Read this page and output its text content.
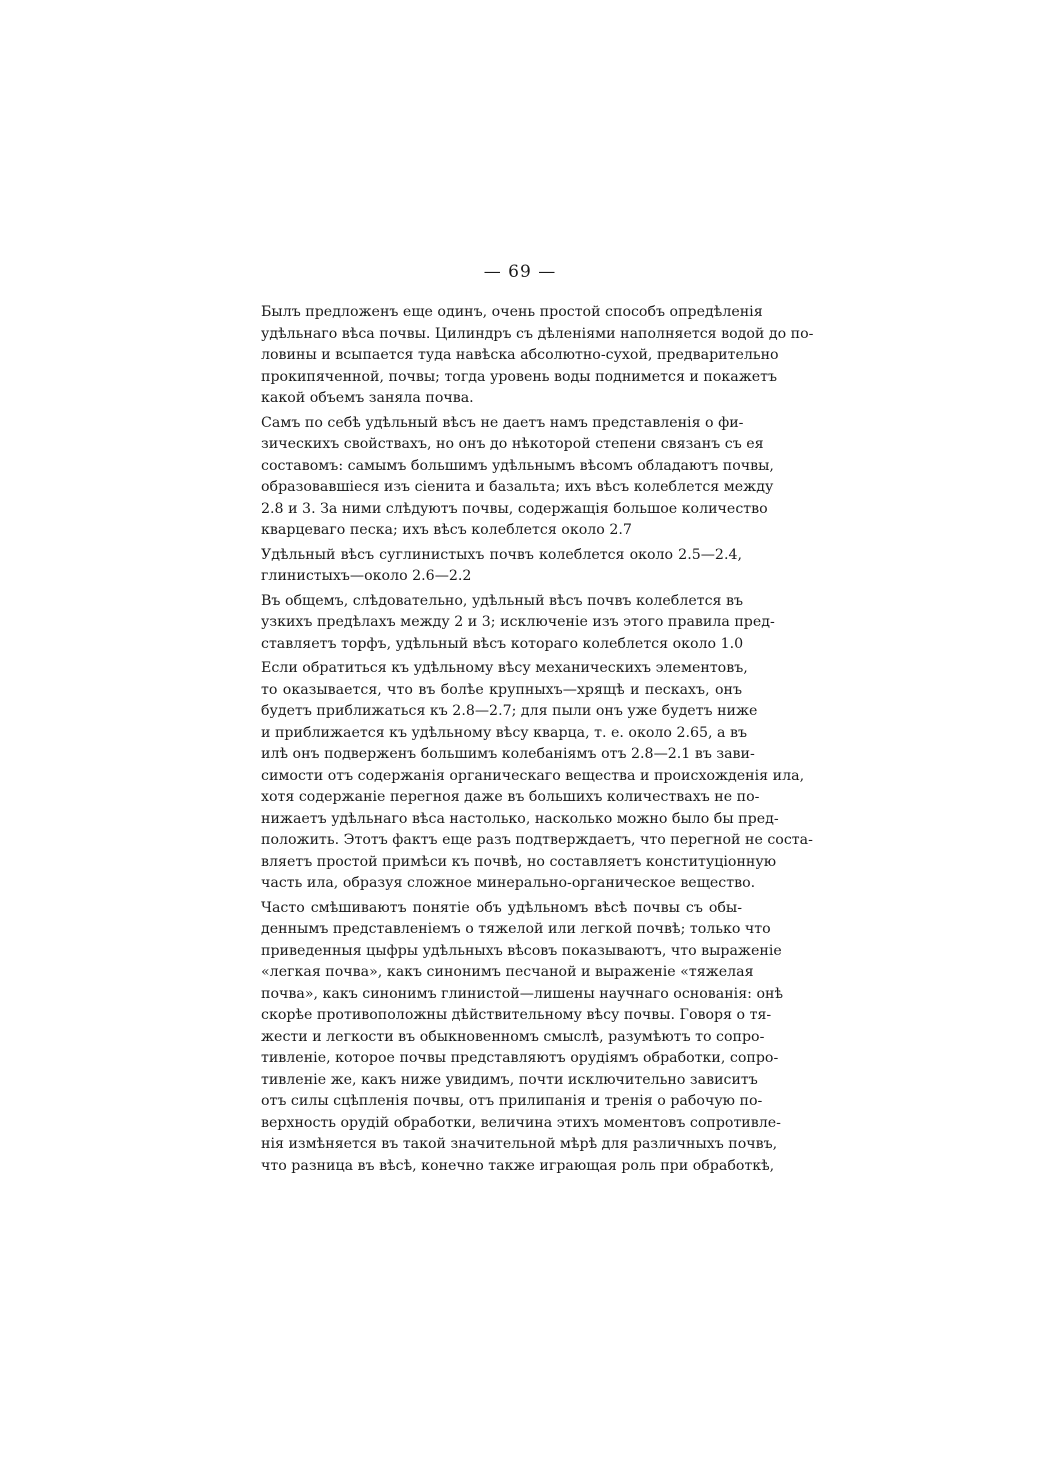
— 69 —
Былъ предложенъ еще одинъ, очень простой способъ опредѣленія
удѣльнаго вѣса почвы. Цилиндръ съ дѣленіями наполняется водой до по-
ловины и всыпается туда навѣска абсолютно-сухой, предварительно
прокипяченной, почвы; тогда уровень воды поднимется и покажетъ
какой объемъ заняла почва.
Самъ по себѣ удѣльный вѣсъ не даетъ намъ представленія о фи-
зическихъ свойствахъ, но онъ до нѣкоторой степени связанъ съ ея
составомъ: самымъ большимъ удѣльнымъ вѣсомъ обладаютъ почвы,
образовавшiеся изъ сіенита и базальта; ихъ вѣсъ колеблется между
2.8 и 3. За ними слѣдуютъ почвы, содержащія большое количество
кварцеваго песка; ихъ вѣсъ колеблется около 2.7
Удѣльный вѣсъ суглинистыхъ почвъ колеблется около 2.5—2.4,
глинистыхъ—около 2.6—2.2
Въ общемъ, слѣдовательно, удѣльный вѣсъ почвъ колеблется въ
узкихъ предѣлахъ между 2 и 3; исключеніе изъ этого правила пред-
ставляетъ торфъ, удѣльный вѣсъ котораго колеблется около 1.0
Если обратиться къ удѣльному вѣсу механическихъ элементовъ,
то оказывается, что въ болѣе крупныхъ—хрящѣ и пескахъ, онъ
будетъ приближаться къ 2.8—2.7; для пыли онъ уже будетъ ниже
и приближается къ удѣльному вѣсу кварца, т. е. около 2.65, а въ
илѣ онъ подверженъ большимъ колебаніямъ отъ 2.8—2.1 въ зави-
симости отъ содержанія органическаго вещества и происхожденія ила,
хотя содержаніе перегноя даже въ большихъ количествахъ не по-
нижаетъ удѣльнаго вѣса настолько, насколько можно было бы пред-
положить. Этотъ фактъ еще разъ подтверждаетъ, что перегной не соста-
вляетъ простой примѣси къ почвѣ, но составляетъ конституціонную
часть ила, образуя сложное минерально-органическое вещество.
Часто смѣшиваютъ понятіе объ удѣльномъ вѣсѣ почвы съ обы-
деннымъ представленіемъ о тяжелой или легкой почвѣ; только что
приведенныя цыфры удѣльныхъ вѣсовъ показываютъ, что выраженіе
«легкая почва», какъ синонимъ песчаной и выраженіе «тяжелая
почва», какъ синонимъ глинистой—лишены научнаго основанія: онѣ
скорѣе противоположны дѣйствительному вѣсу почвы. Говоря о тя-
жести и легкости въ обыкновенномъ смыслѣ, разумѣютъ то сопро-
тивленіе, которое почвы представляютъ орудіямъ обработки, сопро-
тивленіе же, какъ ниже увидимъ, почти исключительно зависитъ
отъ силы сцѣпленія почвы, отъ прилипанія и тренія о рабочую по-
верхность орудій обработки, величина этихъ моментовъ сопротивле-
нія измѣняется въ такой значительной мѣрѣ для различныхъ почвъ,
что разница въ вѣсѣ, конечно также играющая роль при обработкѣ,
